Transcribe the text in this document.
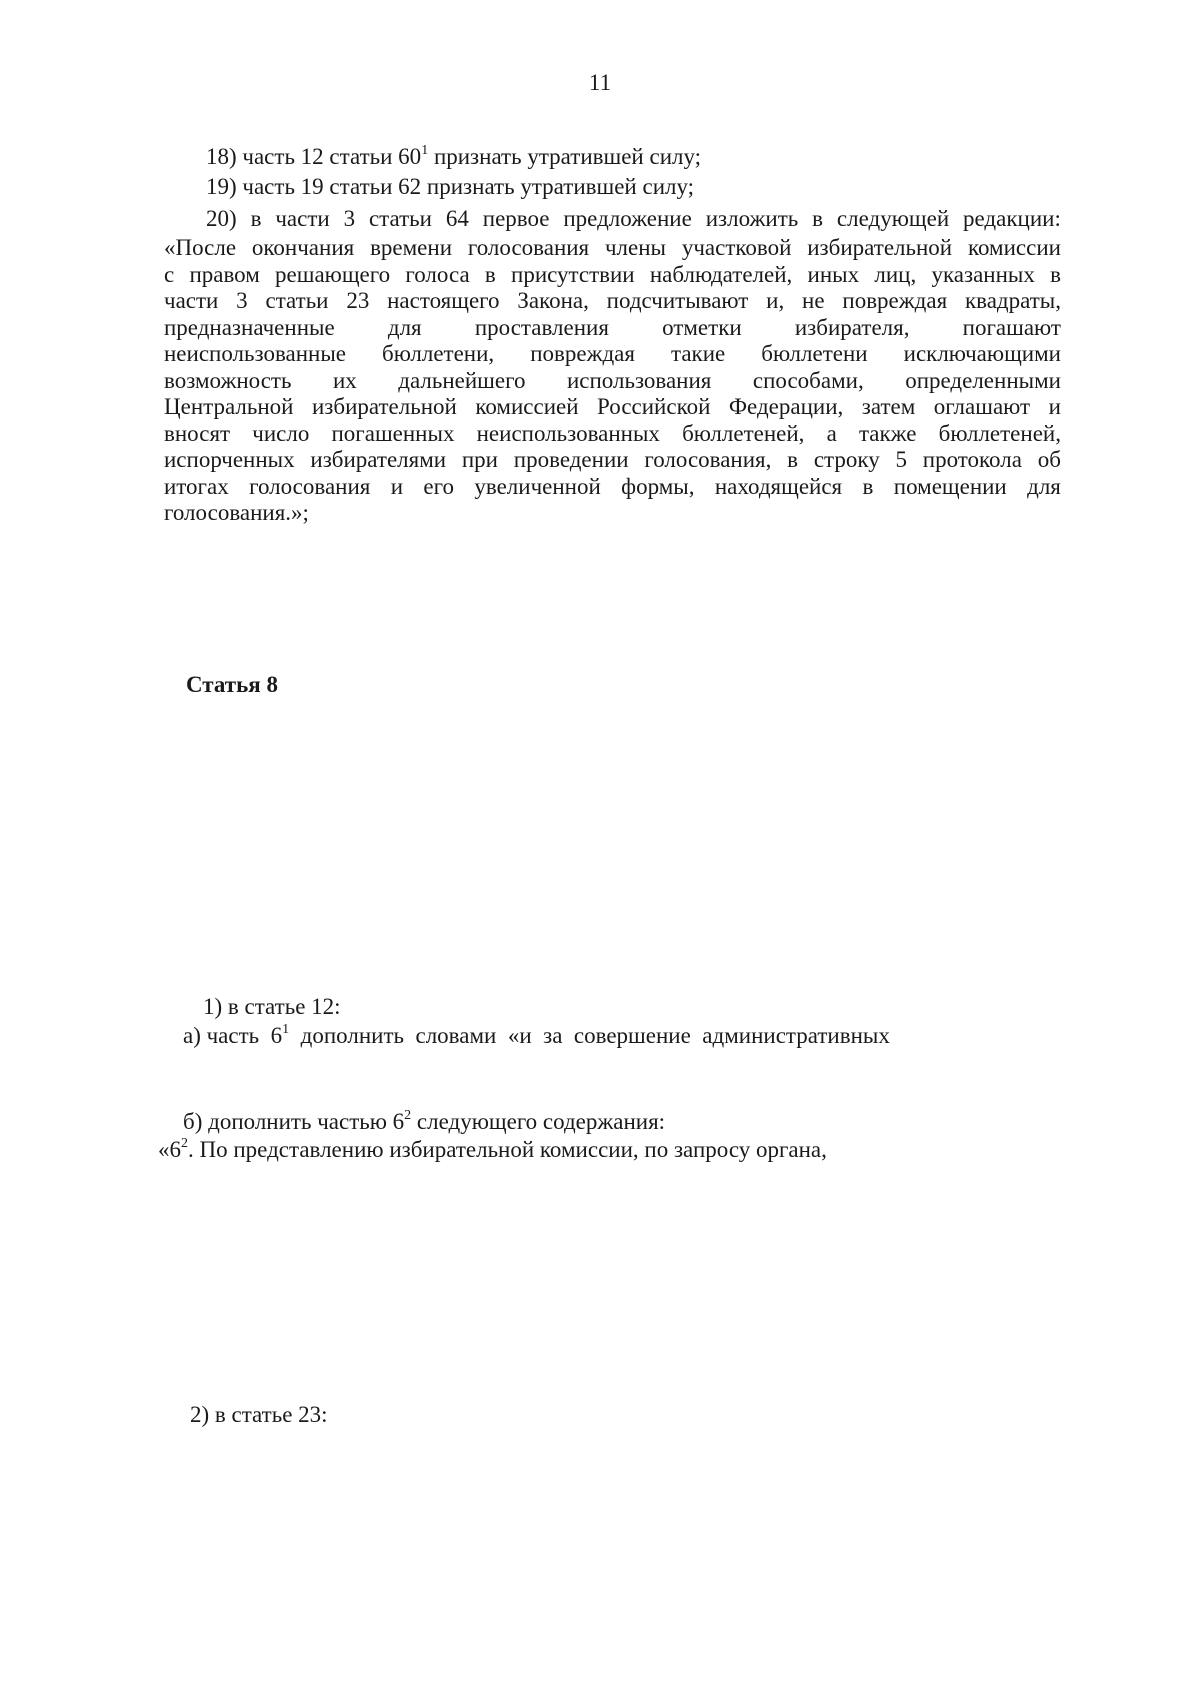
11
18) часть 12 статьи $60^1$ признать утратившей силу;
19) часть 19 статьи 62 признать утратившей силу;
20) в части 3 статьи 64 первое предложение изложить в следующей редакции:
«После окончания времени голосования члены участковой избирательной комиссии
с правом решающего голоса в присутствии наблюдателей, иных лиц, указанных в
части 3 статьи 23 настоящего Закона, подсчитывают и, не повреждая квадраты,
предназначенные для проставления отметки избирателя, погашают
неиспользованные бюллетени, повреждая такие бюллетени исключающими
возможность их дальнейшего использования способами, определенными
Центральной избирательной комиссией Российской Федерации, затем оглашают и
вносят число погашенных неиспользованных бюллетеней, а также бюллетеней,
испорченных избирателями при проведении голосования, в строку 5 протокола об
итогах голосования и его увеличенной формы, находящейся в помещении для
голосования.»;
Статья 8
1) в статье 12:
а) часть  $6^1$  дополнить  словами  «и  за  совершение  административных
б) дополнить частью $6^2$ следующего содержания:
«$6^2$. По представлению избирательной комиссии, по запросу органа,
2) в статье 23:
